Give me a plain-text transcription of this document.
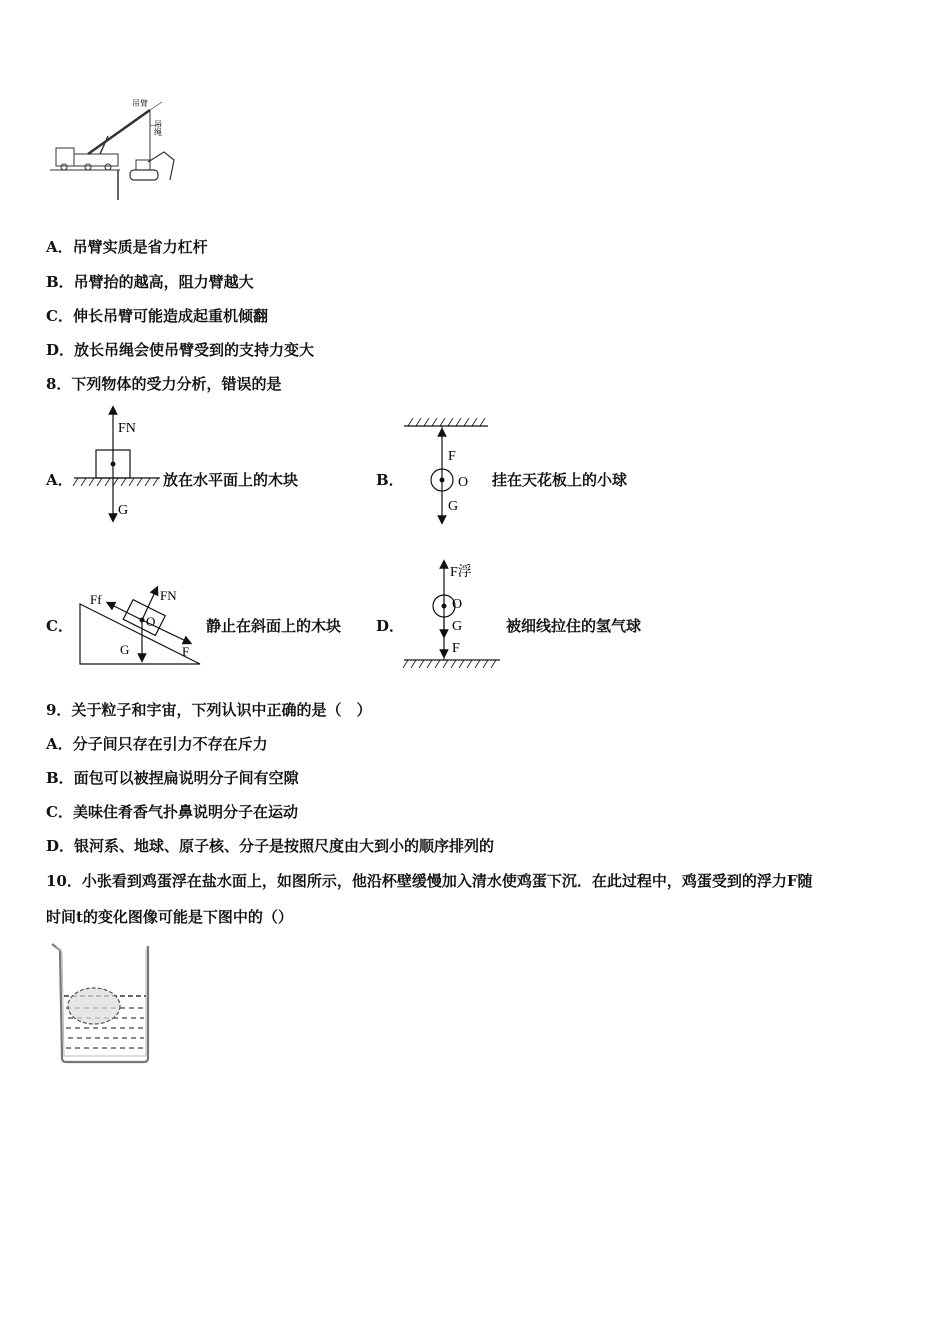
吊臂
吊绳
A．吊臂实质是省力杠杆
B．吊臂抬的越高，阻力臂越大
C．伸长吊臂可能造成起重机倾翻
D．放长吊绳会使吊臂受到的支持力变大
8．下列物体的受力分析，错误的是
A．
FN
G
放在水平面上的木块	B．
F
O
G
挂在天花板上的小球
C．
Ff	FN
O
G	F
静止在斜面上的木块 D．
F浮
O
G
F
被细线拉住的氢气球
9．关于粒子和宇宙，下列认识中正确的是（　）
A．分子间只存在引力不存在斥力
B．面包可以被捏扁说明分子间有空隙
C．美味住肴香气扑鼻说明分子在运动
D．银河系、地球、原子核、分子是按照尺度由大到小的顺序排列的
10．小张看到鸡蛋浮在盐水面上，如图所示，他沿杯壁缓慢加入清水使鸡蛋下沉．在此过程中，鸡蛋受到的浮力F随
时间t的变化图像可能是下图中的（）
